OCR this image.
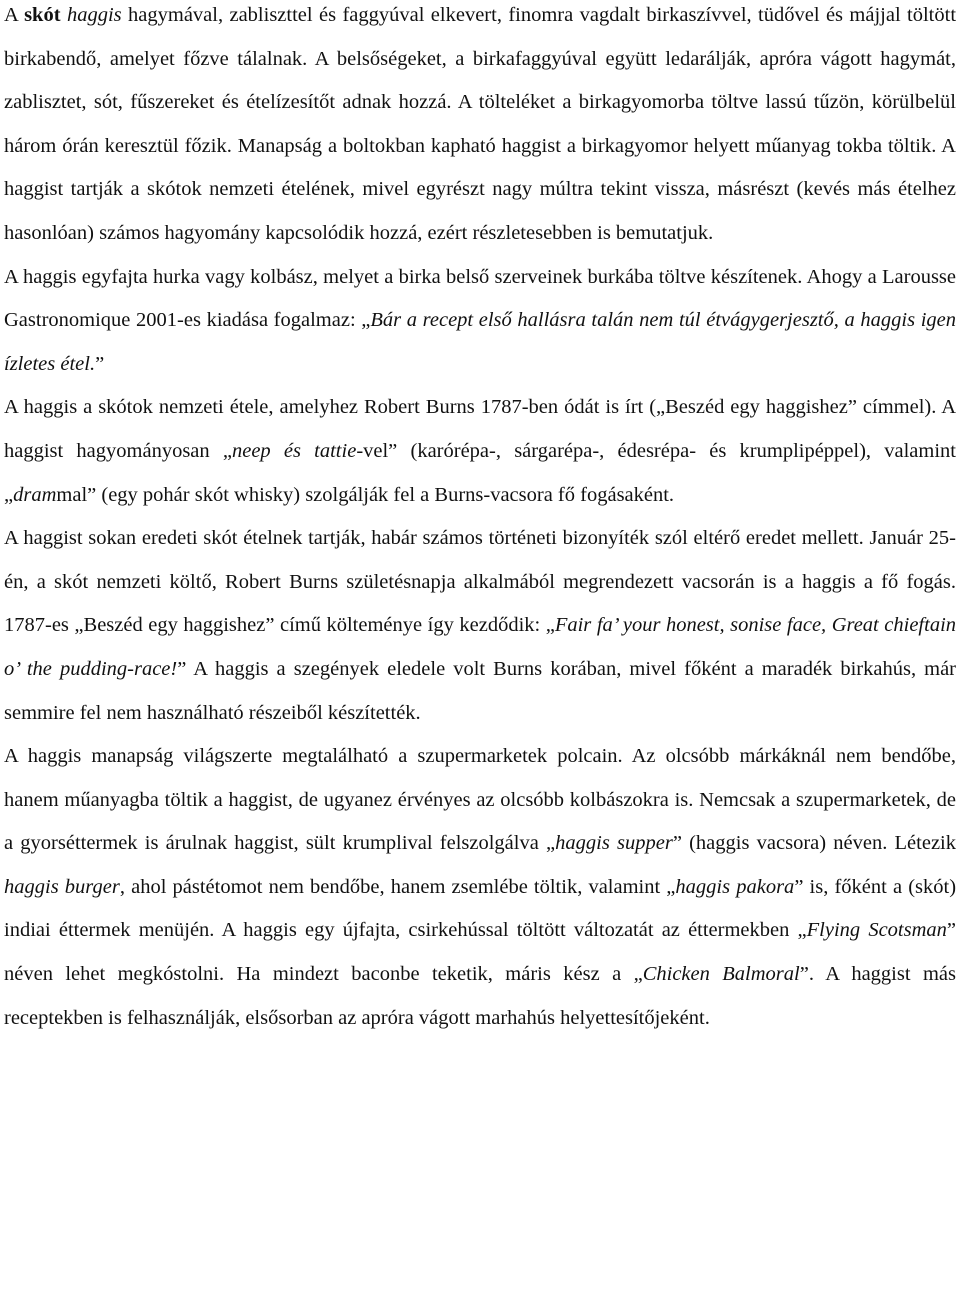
A skót haggis hagymával, zabliszttel és faggyúval elkevert, finomra vagdalt birkaszívvel, tüdővel és májjal töltött birkabendő, amelyet főzve tálalnak. A belsőségeket, a birkafaggyúval együtt ledarálják, apróra vágott hagymát, zablisztet, sót, fűszereket és ételízesítőt adnak hozzá. A tölteléket a birkagyomorba töltve lassú tűzön, körülbelül három órán keresztül főzik. Manapság a boltokban kapható haggist a birkagyomor helyett műanyag tokba töltik. A haggist tartják a skótok nemzeti ételének, mivel egyrészt nagy múltra tekint vissza, másrészt (kevés más ételhez hasonlóan) számos hagyomány kapcsolódik hozzá, ezért részletesebben is bemutatjuk.

A haggis egyfajta hurka vagy kolbász, melyet a birka belső szerveinek burkába töltve készítenek. Ahogy a Larousse Gastronomique 2001-es kiadása fogalmaz: „Bár a recept első hallásra talán nem túl étvágygerjesztő, a haggis igen ízletes étel.”

A haggis a skótok nemzeti étele, amelyhez Robert Burns 1787-ben ódát is írt („Beszéd egy haggishez” címmel). A haggist hagyományosan „neep és tattie-vel” (karórépa-, sárgarépa-, édesrépa- és krumplipéppel), valamint „drammal” (egy pohár skót whisky) szolgálják fel a Burns-vacsora fő fogásaként.

A haggist sokan eredeti skót ételnek tartják, habár számos történeti bizonyíték szól eltérő eredet mellett. Január 25-én, a skót nemzeti költő, Robert Burns születésnapja alkalmából megrendezett vacsorán is a haggis a fő fogás. 1787-es „Beszéd egy haggishez” című költeménye így kezdődik: „Fair fa’ your honest, sonise face, Great chieftain o’ the pudding-race!” A haggis a szegények eledele volt Burns korában, mivel főként a maradék birkahús, már semmire fel nem használható részeiből készítették.

A haggis manapság világszerte megtalálható a szupermarketek polcain. Az olcsóbb márkáknál nem bendőbe, hanem műanyagba töltik a haggist, de ugyanez érvényes az olcsóbb kolbászokra is. Nemcsak a szupermarketek, de a gyorséttermek is árulnak haggist, sült krumplival felszolgálva „haggis supper” (haggis vacsora) néven. Létezik haggis burger, ahol pástétomot nem bendőbe, hanem zsemlébe töltik, valamint „haggis pakora” is, főként a (skót) indiai éttermek menüjén. A haggis egy újfajta, csirkehússal töltött változatát az éttermekben „Flying Scotsman” néven lehet megkóstolni. Ha mindezt baconbe teketik, máris kész a „Chicken Balmoral”. A haggist más receptekben is felhasználják, elsősorban az apróra vágott marhahús helyettesítőjeként.
